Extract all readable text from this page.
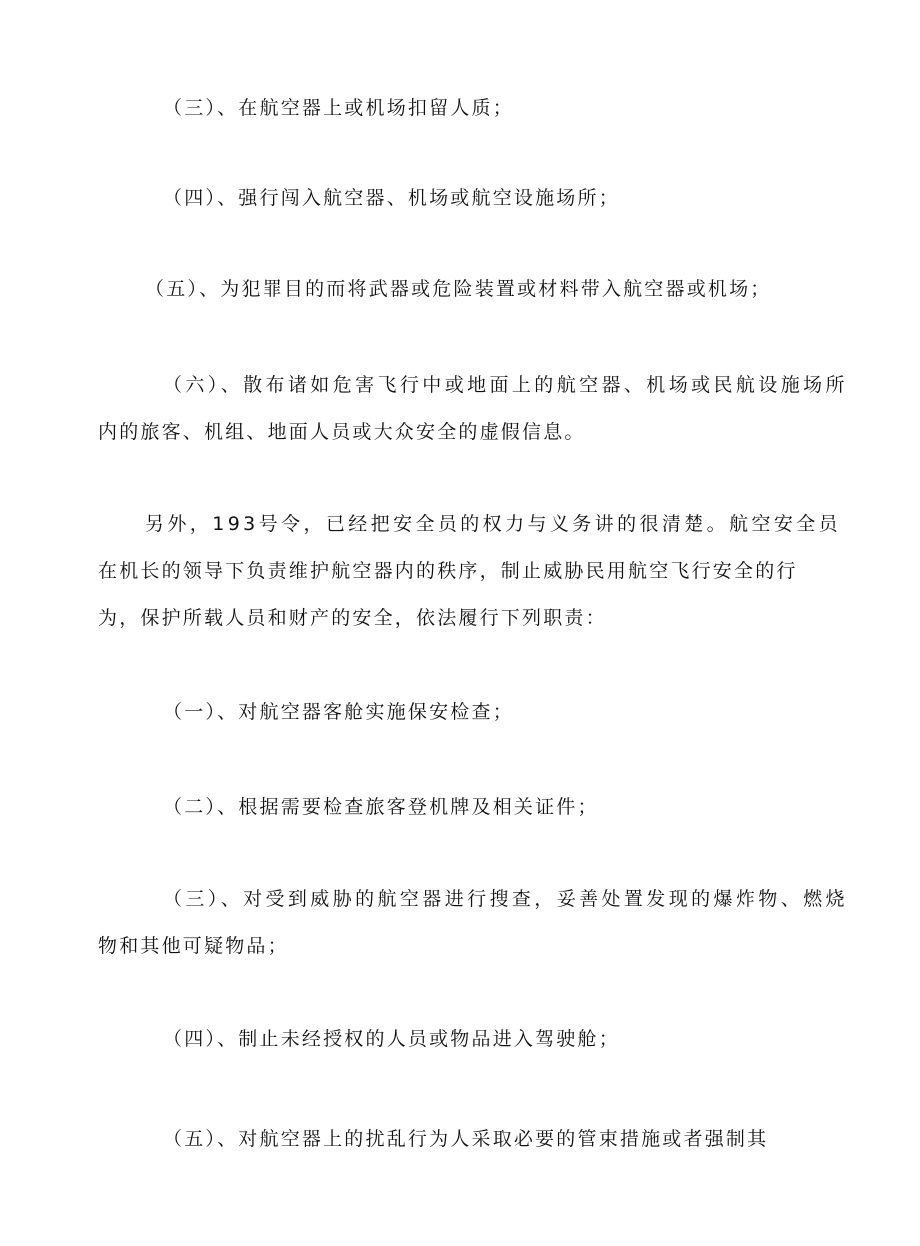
（三）、在航空器上或机场扣留人质；
（四）、强行闯入航空器、机场或航空设施场所；
（五）、为犯罪目的而将武器或危险装置或材料带入航空器或机场；
（六）、散布诸如危害飞行中或地面上的航空器、机场或民航设施场所
内的旅客、机组、地面人员或大众安全的虚假信息。
另外，193号令，已经把安全员的权力与义务讲的很清楚。航空安全员
在机长的领导下负责维护航空器内的秩序，制止威胁民用航空飞行安全的行
为，保护所载人员和财产的安全，依法履行下列职责：
（一）、对航空器客舱实施保安检查；
（二）、根据需要检查旅客登机牌及相关证件；
（三）、对受到威胁的航空器进行搜查，妥善处置发现的爆炸物、燃烧
物和其他可疑物品；
（四）、制止未经授权的人员或物品进入驾驶舱；
（五）、对航空器上的扰乱行为人采取必要的管束措施或者强制其
